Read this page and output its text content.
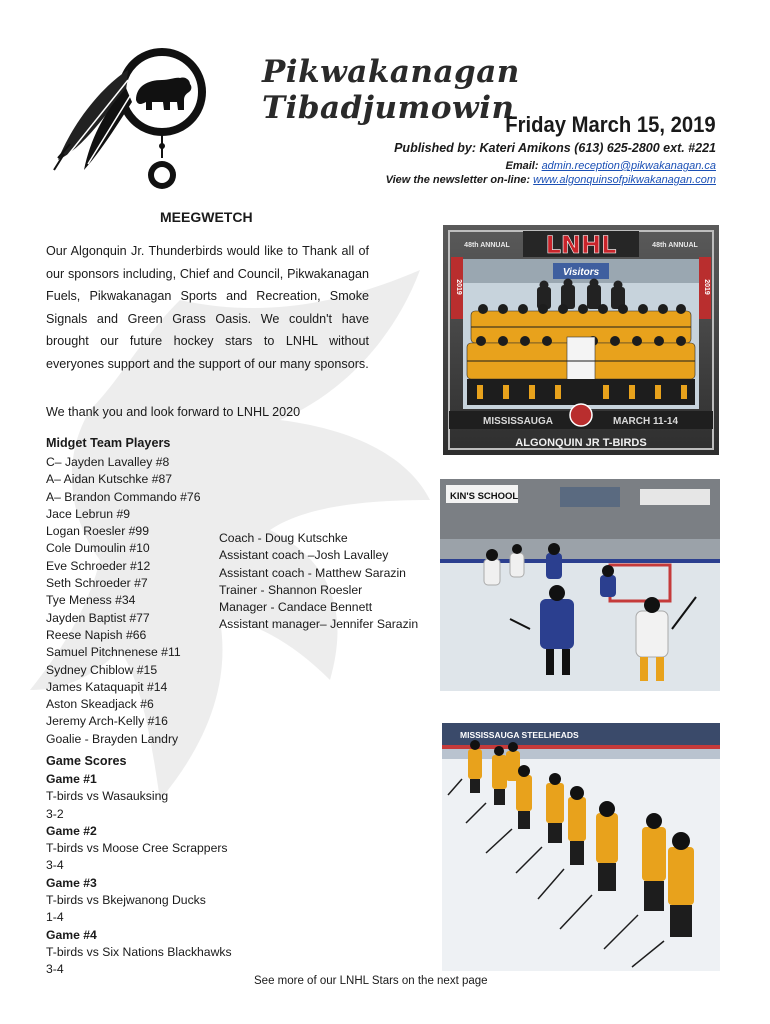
Pikwakanagan Tibadjumowin
Friday March 15, 2019
Published by: Kateri Amikons (613) 625-2800 ext. #221
Email: admin.reception@pikwakanagan.ca
View the newsletter on-line: www.algonquinsofpikwakanagan.com
MEEGWETCH
Our Algonquin Jr. Thunderbirds would like to Thank all of our sponsors including, Chief and Council, Pikwakanagan Fuels, Pikwakanagan Sports and Recreation, Smoke Signals and Green Grass Oasis. We couldn't have brought our future hockey stars to LNHL without everyones support and the support of our many sponsors.
We thank you and look forward to LNHL 2020
Midget Team Players
C– Jayden Lavalley #8
A– Aidan Kutschke #87
A– Brandon Commando #76
Jace Lebrun #9
Logan Roesler #99
Cole Dumoulin #10
Eve Schroeder #12
Seth Schroeder #7
Tye Meness #34
Jayden Baptist #77
Reese Napish #66
Samuel Pitchnenese #11
Sydney Chiblow #15
James Kataquapit #14
Aston Skeadjack #6
Jeremy Arch-Kelly #16
Goalie - Brayden Landry
Coach - Doug Kutschke
Assistant coach –Josh Lavalley
Assistant coach - Matthew Sarazin
Trainer - Shannon Roesler
Manager - Candace Bennett
Assistant manager– Jennifer Sarazin
Game Scores
Game #1
T-birds vs Wasauksing
3-2
Game #2
T-birds vs Moose Cree Scrappers
3-4
Game #3
T-birds vs Bkejwanong Ducks
1-4
Game #4
T-birds vs Six Nations Blackhawks
3-4
See more of our LNHL Stars on the next page
LNHL
48th ANNUAL	48th ANNUAL
2019	2019
Visitors
MISSISSAUGA	MARCH 11-14
ALGONQUIN JR T-BIRDS
KIN'S SCHOOL
MISSISSAUGA STEELHEADS
